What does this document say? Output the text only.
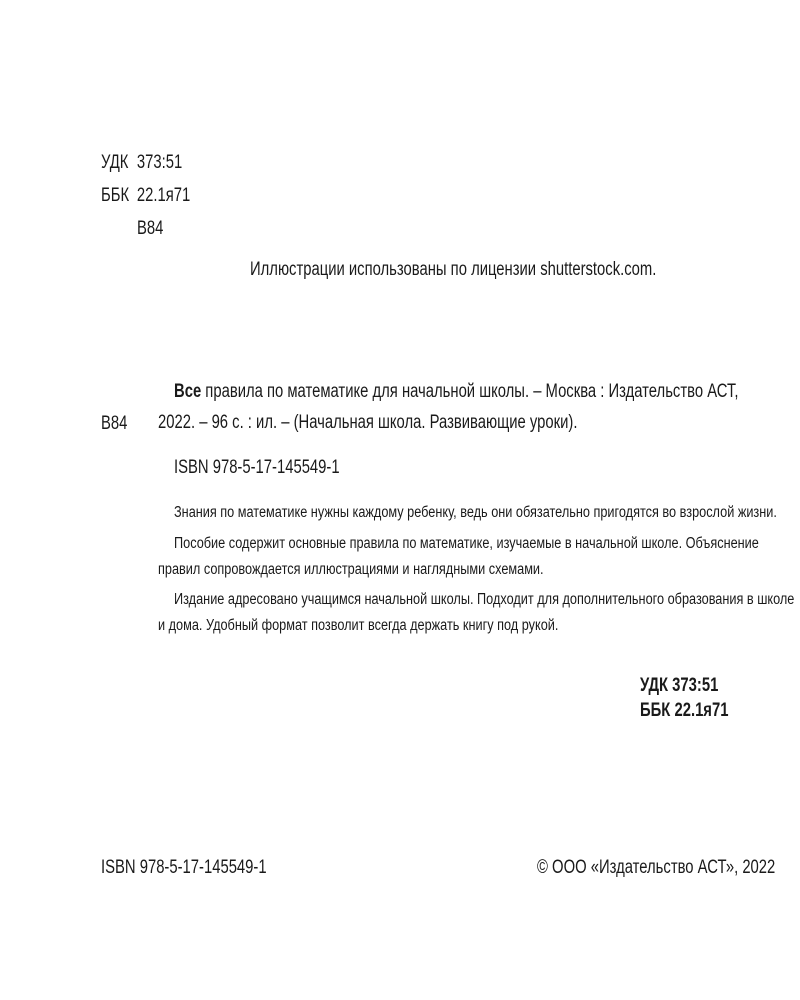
УДК 373:51
ББК 22.1я71
В84
Иллюстрации использованы по лицензии shutterstock.com.
В84
Все правила по математике для начальной школы. – Москва : Издательство АСТ,
2022. – 96 с. : ил. – (Начальная школа. Развивающие уроки).
ISBN 978-5-17-145549-1
Знания по математике нужны каждому ребенку, ведь они обязательно пригодятся во взрослой жизни.
Пособие содержит основные правила по математике, изучаемые в начальной школе. Объяснение
правил сопровождается иллюстрациями и наглядными схемами.
Издание адресовано учащимся начальной школы. Подходит для дополнительного образования в школе
и дома. Удобный формат позволит всегда держать книгу под рукой.
УДК 373:51
ББК 22.1я71
ISBN 978-5-17-145549-1	© ООО «Издательство АСТ», 2022
